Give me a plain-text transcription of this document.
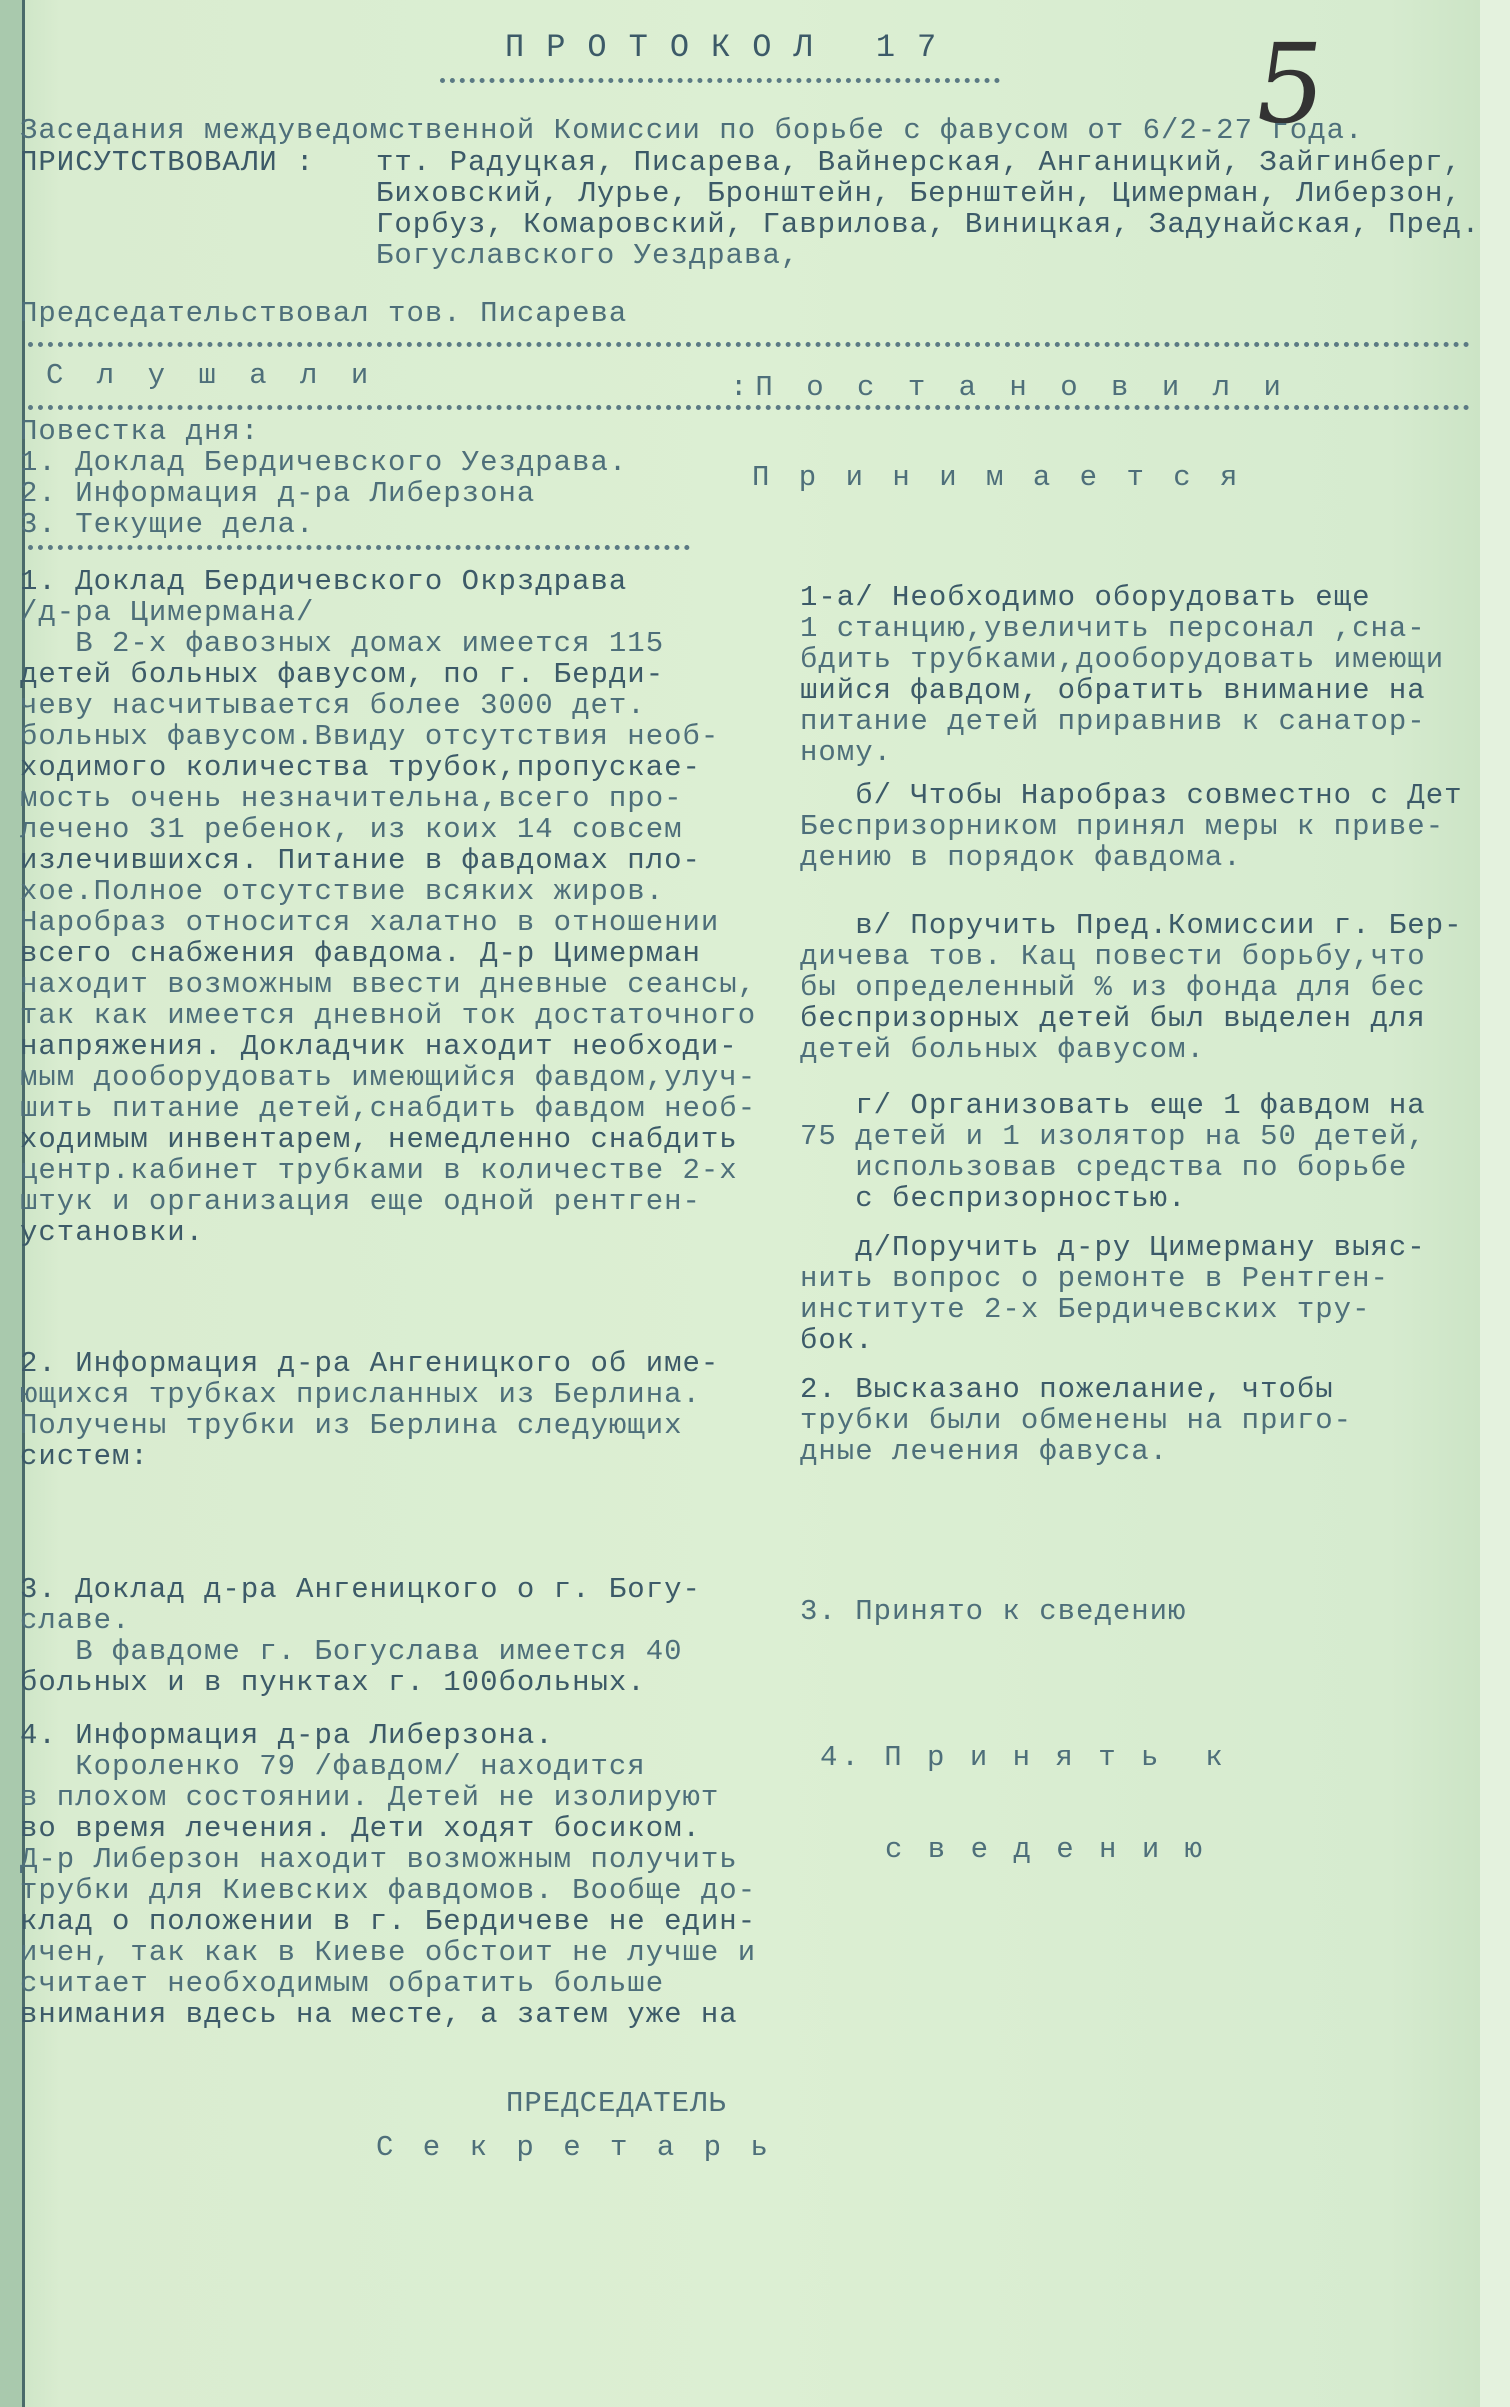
5
ПРОТОКОЛ 17
Заседания междуведомственной Комиссии по борьбе с фавусом от 6/2-27 года.
ПРИСУТСТВОВАЛИ : тт. Радуцкая, Писарева, Вайнерская, Анганицкий, Зайгинберг,
Биховский, Лурье, Бронштейн, Бернштейн, Цимерман, Либерзон,
Горбуз, Комаровский, Гаврилова, Виницкая, Задунайская, Пред.
Богуславского Уездрава,
Председательствовал тов. Писарева
С л у ш а л и	:П о с т а н о в и л и
Повестка дня:
1. Доклад Бердичевского Уездрава.
2. Информация д-ра Либерзона
3. Текущие дела.
П р и н и м а е т с я
1. Доклад Бердичевского Окрздрава
/д-ра Цимермана/
В 2-х фавозных домах имеется 115
детей больных фавусом, по г. Берди-
чеву насчитывается более 3000 дет.
больных фавусом.Ввиду отсутствия необ-
ходимого количества трубок,пропускае-
мость очень незначительна,всего про-
лечено 31 ребенок, из коих 14 совсем
излечившихся. Питание в фавдомах пло-
хое.Полное отсутствие всяких жиров.
Наробраз относится халатно в отношении
всего снабжения фавдома. Д-р Цимерман
находит возможным ввести дневные сеансы,
так как имеется дневной ток достаточного
напряжения. Докладчик находит необходи-
мым дооборудовать имеющийся фавдом,улуч-
шить питание детей,снабдить фавдом необ-
ходимым инвентарем, немедленно снабдить
центр.кабинет трубками в количестве 2-х
штук и организация еще одной рентген-
установки.
2. Информация д-ра Ангеницкого об име-
ющихся трубках присланных из Берлина.
Получены трубки из Берлина следующих
систем:
3. Доклад д-ра Ангеницкого о г. Богу-
славе.
В фавдоме г. Богуслава имеется 40
больных и в пунктах г. 100больных.
4. Информация д-ра Либерзона.
Короленко 79 /фавдом/ находится
в плохом состоянии. Детей не изолируют
во время лечения. Дети ходят босиком.
Д-р Либерзон находит возможным получить
трубки для Киевских фавдомов. Вообще до-
клад о положении в г. Бердичеве не един-
ичен, так как в Киеве обстоит не лучше и
считает необходимым обратить больше
внимания вдесь на месте, а затем уже на
1-а/ Необходимо оборудовать еще
1 станцию,увеличить персонал ,сна-
бдить трубками,дооборудовать имеющи
шийся фавдом, обратить внимание на
питание детей приравнив к санатор-
ному.
б/ Чтобы Наробраз совместно с Дет
Беспризорником принял меры к приве-
дению в порядок фавдома.
в/ Поручить Пред.Комиссии г. Бер-
дичева тов. Кац повести борьбу,что
бы определенный % из фонда для бес
беспризорных детей был выделен для
детей больных фавусом.
г/ Организовать еще 1 фавдом на
75 детей и 1 изолятор на 50 детей,
использовав средства по борьбе
с беспризорностью.
д/Поручить д-ру Цимерману выяс-
нить вопрос о ремонте в Рентген-
институте 2-х Бердичевских тру-
бок.
2. Высказано пожелание, чтобы
трубки были обменены на приго-
дные лечения фавуса.
3. Принято к сведению
4. П р и н я т ь  к
с в е д е н и ю
ПРЕДСЕДАТЕЛЬ
С е к р е т а р ь
